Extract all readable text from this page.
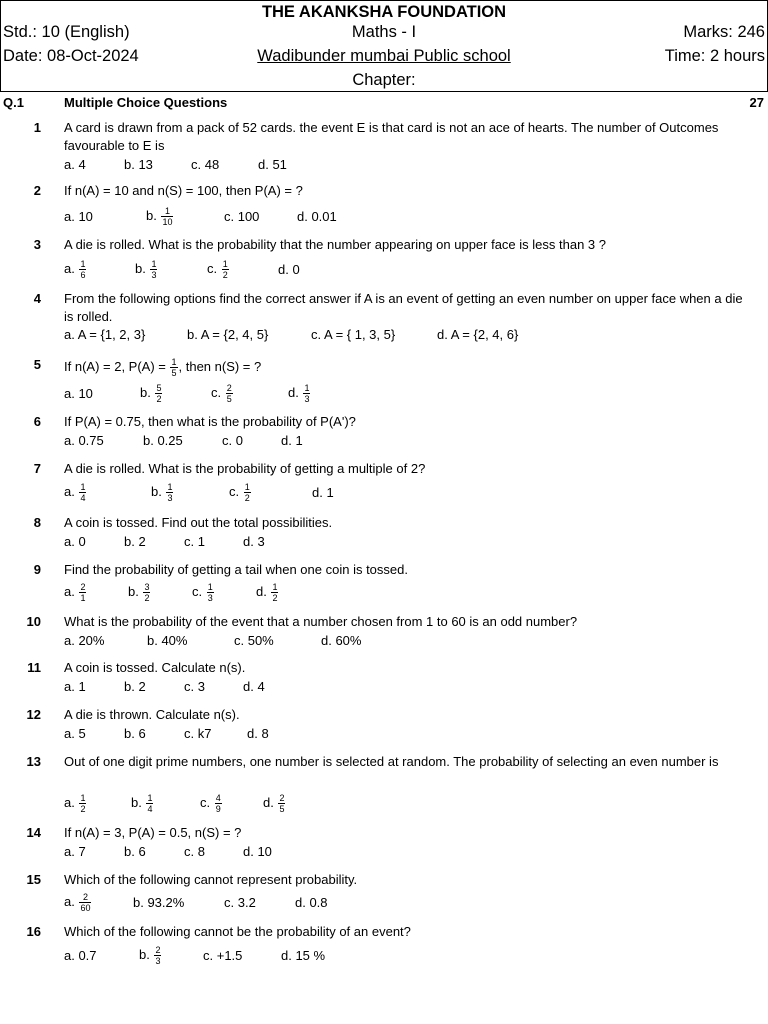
THE AKANKSHA FOUNDATION
Std.: 10 (English)	Maths - I	Marks: 246
Date: 08-Oct-2024	Wadibunder mumbai Public school	Time: 2 hours
Chapter:
Q.1	Multiple Choice Questions	27
1 A card is drawn from a pack of 52 cards. the event E is that card is not an ace of hearts. The number of Outcomes favourable to E is
a. 4	b. 13	c. 48	d. 51
2 If n(A) = 10 and n(S) = 100, then P(A) = ?
a. 10	b. $\frac{1}{10}$	c. 100	d. 0.01
3 A die is rolled. What is the probability that the number appearing on upper face is less than 3 ?
a. $\frac{1}{6}$	b. $\frac{1}{3}$	c. $\frac{1}{2}$	d. 0
4 From the following options find the correct answer if A is an event of getting an even number on upper face when a die is rolled.
a. A = {1, 2, 3}	b. A = {2, 4, 5}	c. A = { 1, 3, 5}	d. A = {2, 4, 6}
5 If n(A) = 2, $P(A) = \frac{1}{5}$ , then n(S) = ?
a. 10	b. $\frac{5}{2}$	c. $\frac{2}{5}$	d. $\frac{1}{3}$
6 If P(A) = 0.75, then what is the probability of P(A')?
a. 0.75	b. 0.25	c. 0	d. 1
7 A die is rolled. What is the probability of getting a multiple of 2?
a. $\frac{1}{4}$	b. $\frac{1}{3}$	c. $\frac{1}{2}$	d. 1
8 A coin is tossed. Find out the total possibilities.
a. 0	b. 2	c. 1	d. 3
9 Find the probability of getting a tail when one coin is tossed.
a. $\frac{2}{1}$	b. $\frac{3}{2}$	c. $\frac{1}{3}$	d. $\frac{1}{2}$
10 What is the probability of the event that a number chosen from 1 to 60 is an odd number?
a. 20%	b. 40%	c. 50%	d. 60%
11 A coin is tossed. Calculate n(s).
a. 1	b. 2	c. 3	d. 4
12 A die is thrown. Calculate n(s).
a. 5	b. 6	c. k7	d. 8
13 Out of one digit prime numbers, one number is selected at random. The probability of selecting an even number is
a. $\frac{1}{2}$	b. $\frac{1}{4}$	c. $\frac{4}{9}$	d. $\frac{2}{5}$
14 If n(A) = 3, P(A) = 0.5, n(S) = ?
a. 7	b. 6	c. 8	d. 10
15 Which of the following cannot represent probability.
a. $\frac{2}{60}$	b. 93.2%	c. 3.2	d. 0.8
16 Which of the following cannot be the probability of an event?
a. 0.7	b. $\frac{2}{3}$	c. +1.5	d. 15 %
